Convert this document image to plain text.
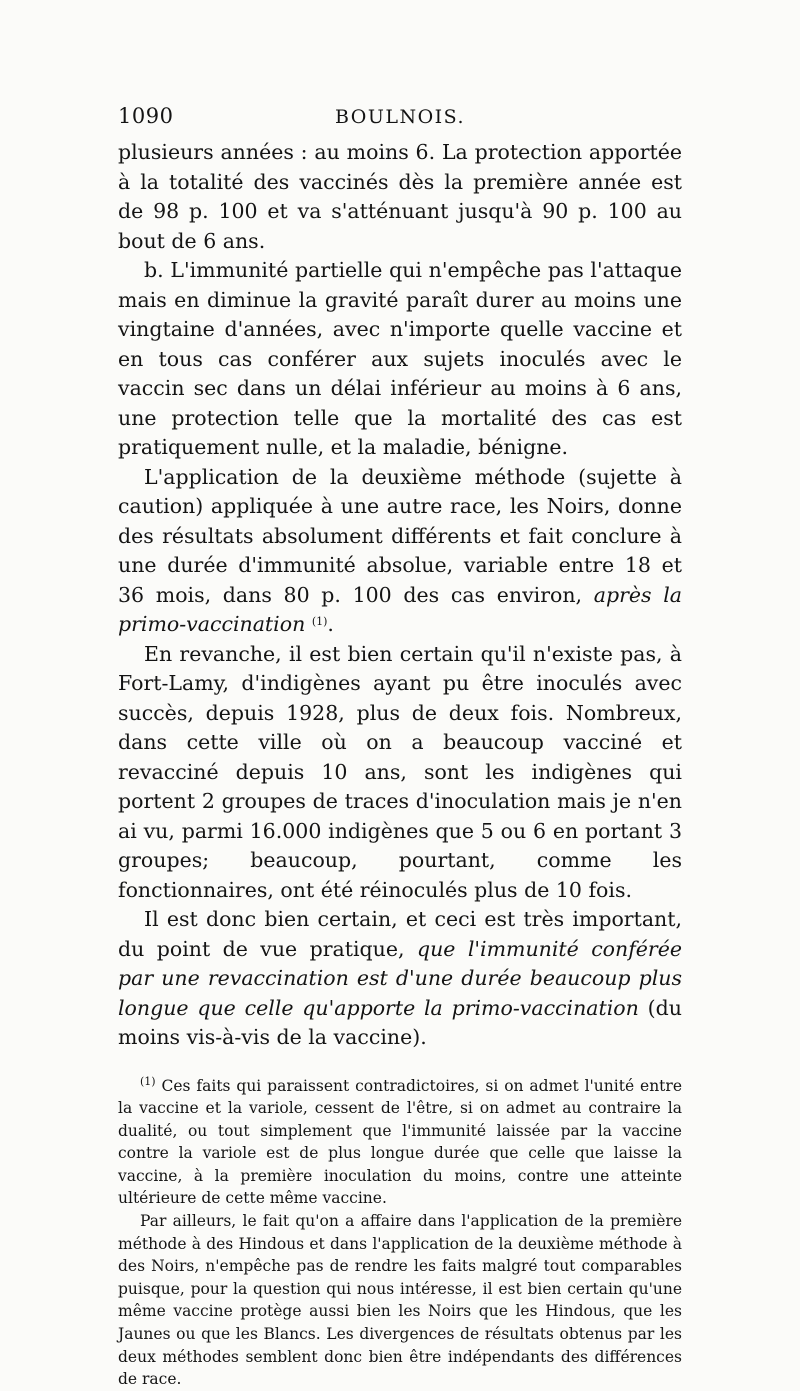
1090	BOULNOIS.

plusieurs années : au moins 6. La protection apportée à la totalité des vaccinés dès la première année est de 98 p. 100 et va s'atténuant jusqu'à 90 p. 100 au bout de 6 ans.

b. L'immunité partielle qui n'empêche pas l'attaque mais en diminue la gravité paraît durer au moins une vingtaine d'années, avec n'importe quelle vaccine et en tous cas conférer aux sujets inoculés avec le vaccin sec dans un délai inférieur au moins à 6 ans, une protection telle que la mortalité des cas est pratiquement nulle, et la maladie, bénigne.

L'application de la deuxième méthode (sujette à caution) appliquée à une autre race, les Noirs, donne des résultats absolument différents et fait conclure à une durée d'immunité absolue, variable entre 18 et 36 mois, dans 80 p. 100 des cas environ, après la primo-vaccination $^{(1)}$.

En revanche, il est bien certain qu'il n'existe pas, à Fort-Lamy, d'indigènes ayant pu être inoculés avec succès, depuis 1928, plus de deux fois. Nombreux, dans cette ville où on a beaucoup vacciné et revacciné depuis 10 ans, sont les indigènes qui portent 2 groupes de traces d'inoculation mais je n'en ai vu, parmi 16.000 indigènes que 5 ou 6 en portant 3 groupes; beaucoup, pourtant, comme les fonctionnaires, ont été réinoculés plus de 10 fois.

Il est donc bien certain, et ceci est très important, du point de vue pratique, que l'immunité conférée par une revaccination est d'une durée beaucoup plus longue que celle qu'apporte la primo-vaccination (du moins vis-à-vis de la vaccine).

$^{(1)}$ Ces faits qui paraissent contradictoires, si on admet l'unité entre la vaccine et la variole, cessent de l'être, si on admet au contraire la dualité, ou tout simplement que l'immunité laissée par la vaccine contre la variole est de plus longue durée que celle que laisse la vaccine, à la première inoculation du moins, contre une atteinte ultérieure de cette même vaccine.

Par ailleurs, le fait qu'on a affaire dans l'application de la première méthode à des Hindous et dans l'application de la deuxième méthode à des Noirs, n'empêche pas de rendre les faits malgré tout comparables puisque, pour la question qui nous intéresse, il est bien certain qu'une même vaccine protège aussi bien les Noirs que les Hindous, que les Jaunes ou que les Blancs. Les divergences de résultats obtenus par les deux méthodes semblent donc bien être indépendants des différences de race.
